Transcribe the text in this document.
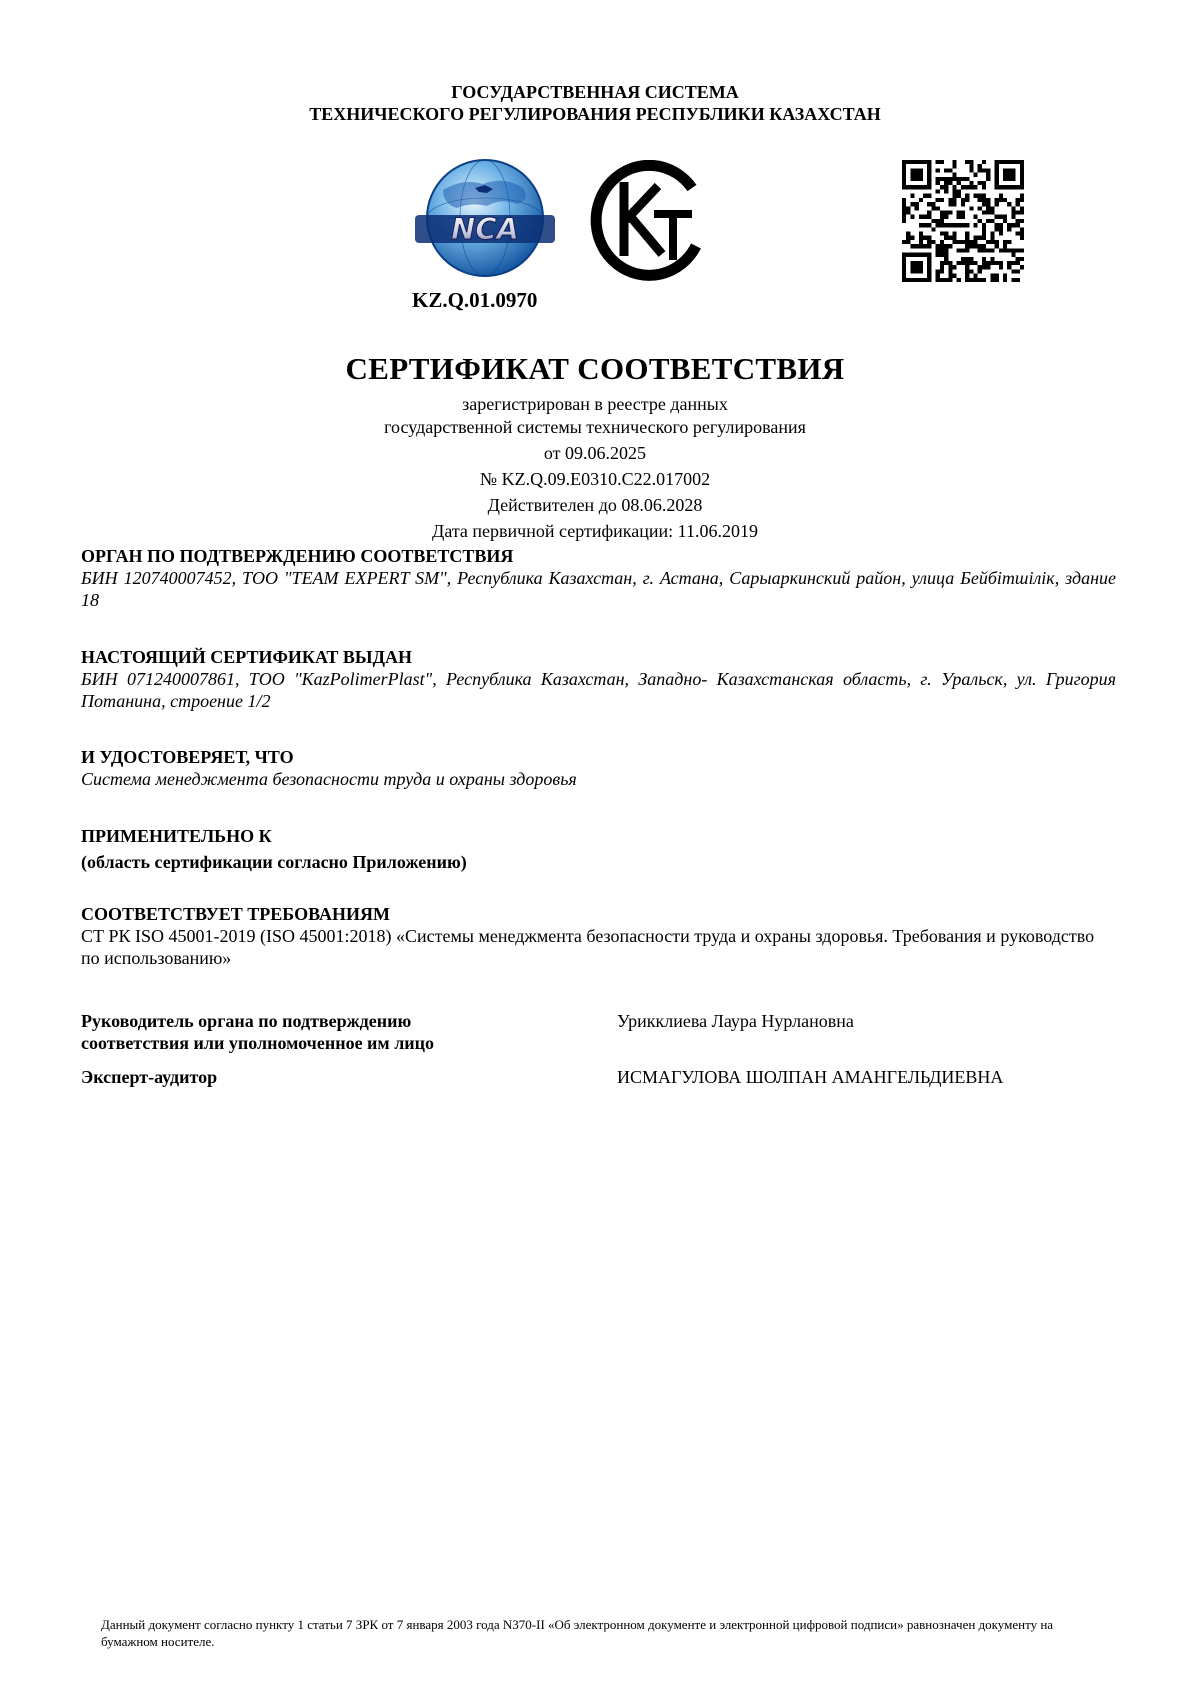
ГОСУДАРСТВЕННАЯ СИСТЕМА
ТЕХНИЧЕСКОГО РЕГУЛИРОВАНИЯ РЕСПУБЛИКИ КАЗАХСТАН
NCA
KZ.Q.01.0970
СЕРТИФИКАТ СООТВЕТСТВИЯ
зарегистрирован в реестре данных
государственной системы технического регулирования
от 09.06.2025
№ KZ.Q.09.E0310.C22.017002
Действителен до 08.06.2028
Дата первичной сертификации: 11.06.2019
ОРГАН ПО ПОДТВЕРЖДЕНИЮ СООТВЕТСТВИЯ
БИН 120740007452, ТОО "TEAM EXPERT SM", Республика Казахстан, г. Астана, Сарыаркинский район, улица Бейбітшілік, здание 18
НАСТОЯЩИЙ СЕРТИФИКАТ ВЫДАН
БИН 071240007861, ТОО "KazPolimerPlast", Республика Казахстан, Западно- Казахстанская область, г. Уральск, ул. Григория Потанина, строение 1/2
И УДОСТОВЕРЯЕТ, ЧТО
Система менеджмента безопасности труда и охраны здоровья
ПРИМЕНИТЕЛЬНО К
(область сертификации согласно Приложению)
СООТВЕТСТВУЕТ ТРЕБОВАНИЯМ
СТ РК ISO 45001-2019 (ISO 45001:2018) «Системы менеджмента безопасности труда и охраны здоровья. Требования и руководство по использованию»
Руководитель органа по подтверждению соответствия или уполномоченное им лицо
Урикклиева Лаура Нурлановна
Эксперт-аудитор	ИСМАГУЛОВА ШОЛПАН АМАНГЕЛЬДИЕВНА
Данный документ согласно пункту 1 статьи 7 ЗРК от 7 января 2003 года N370-II «Об электронном документе и электронной цифровой подписи» равнозначен документу на бумажном носителе.
